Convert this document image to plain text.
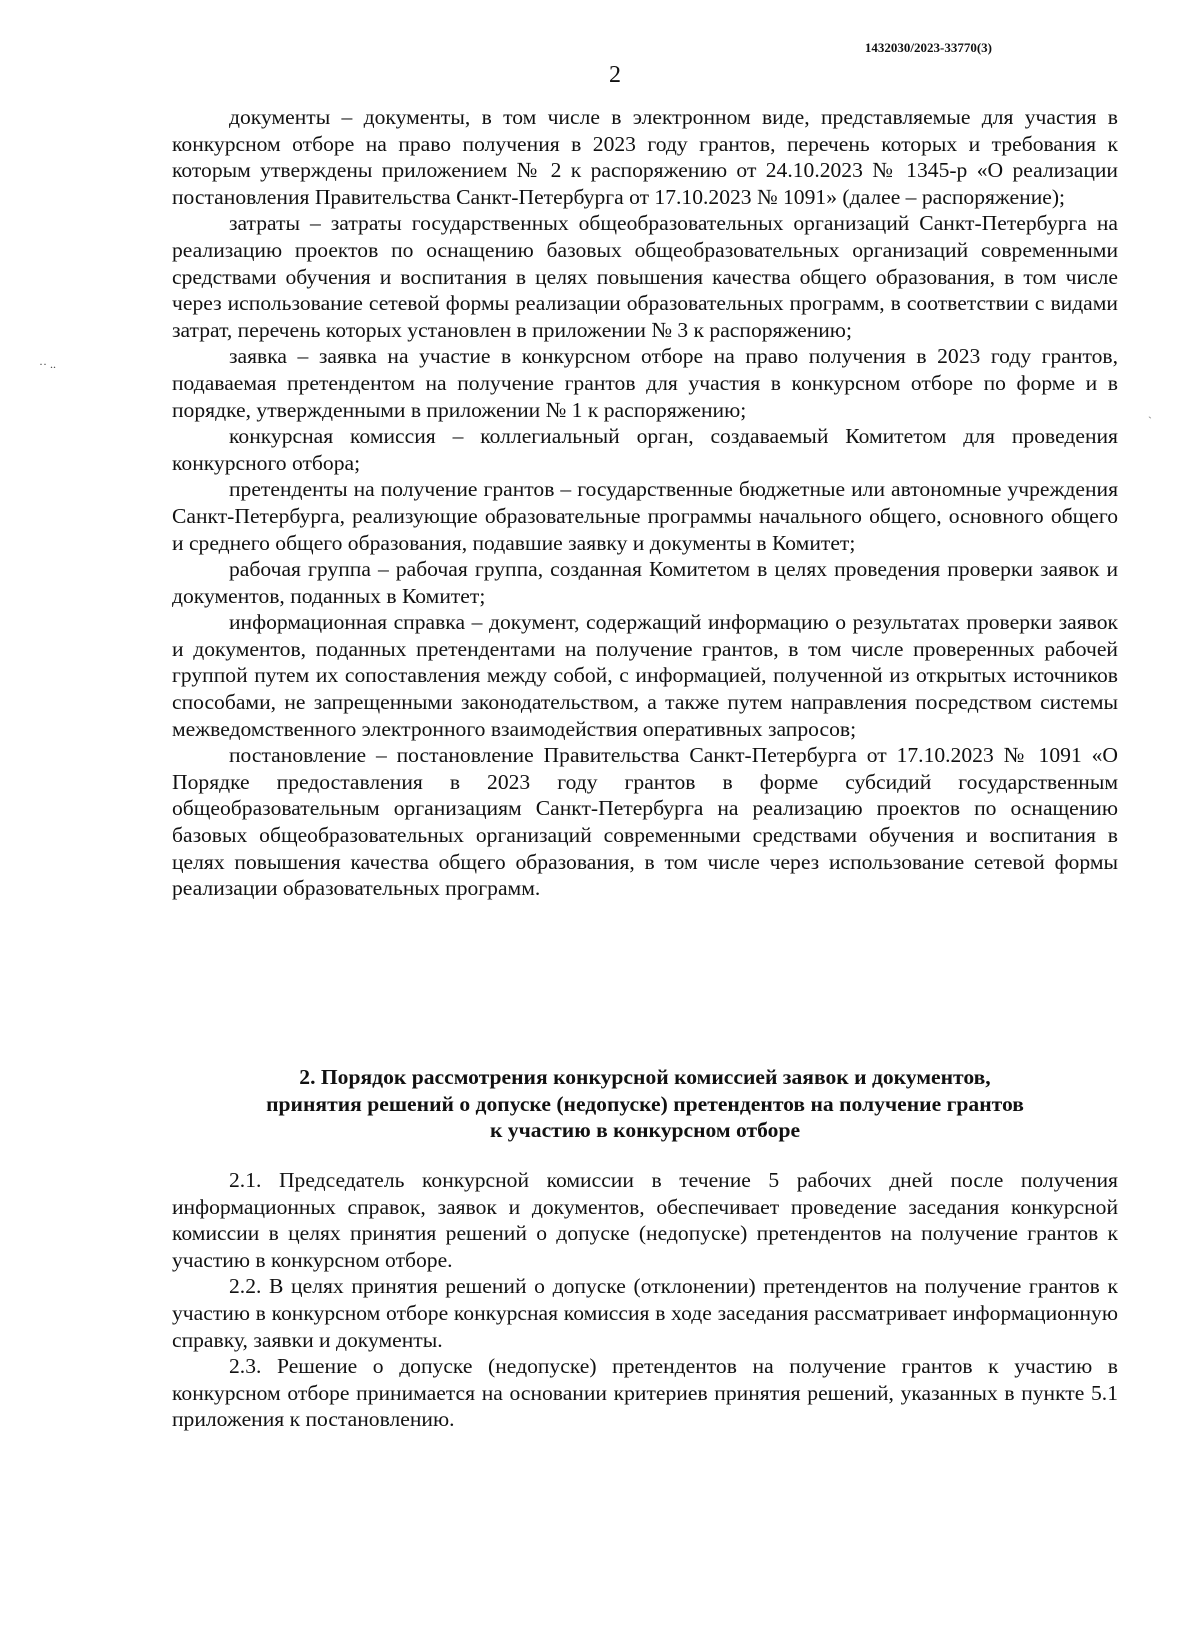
1432030/2023-33770(3)
2
·· ..
ˏ

документы – документы, в том числе в электронном виде, представляемые для участия в конкурсном отборе на право получения в 2023 году грантов, перечень которых и требования к которым утверждены приложением № 2 к распоряжению от 24.10.2023 № 1345-р «О реализации постановления Правительства Санкт-Петербурга от 17.10.2023 № 1091» (далее – распоряжение);

затраты – затраты государственных общеобразовательных организаций Санкт-Петербурга на реализацию проектов по оснащению базовых общеобразовательных организаций современными средствами обучения и воспитания в целях повышения качества общего образования, в том числе через использование сетевой формы реализации образовательных программ, в соответствии с видами затрат, перечень которых установлен в приложении № 3 к распоряжению;

заявка – заявка на участие в конкурсном отборе на право получения в 2023 году грантов, подаваемая претендентом на получение грантов для участия в конкурсном отборе по форме и в порядке, утвержденными в приложении № 1 к распоряжению;

конкурсная комиссия – коллегиальный орган, создаваемый Комитетом для проведения конкурсного отбора;

претенденты на получение грантов – государственные бюджетные или автономные учреждения Санкт-Петербурга, реализующие образовательные программы начального общего, основного общего и среднего общего образования, подавшие заявку и документы в Комитет;

рабочая группа – рабочая группа, созданная Комитетом в целях проведения проверки заявок и документов, поданных в Комитет;

информационная справка – документ, содержащий информацию о результатах проверки заявок и документов, поданных претендентами на получение грантов, в том числе проверенных рабочей группой путем их сопоставления между собой, с информацией, полученной из открытых источников способами, не запрещенными законодательством, а также путем направления посредством системы межведомственного электронного взаимодействия оперативных запросов;

постановление – постановление Правительства Санкт-Петербурга от 17.10.2023 № 1091 «О Порядке предоставления в 2023 году грантов в форме субсидий государственным общеобразовательным организациям Санкт-Петербурга на реализацию проектов по оснащению базовых общеобразовательных организаций современными средствами обучения и воспитания в целях повышения качества общего образования, в том числе через использование сетевой формы реализации образовательных программ.

2. Порядок рассмотрения конкурсной комиссией заявок и документов,
принятия решений о допуске (недопуске) претендентов на получение грантов
к участию в конкурсном отборе

2.1. Председатель конкурсной комиссии в течение 5 рабочих дней после получения информационных справок, заявок и документов, обеспечивает проведение заседания конкурсной комиссии в целях принятия решений о допуске (недопуске) претендентов на получение грантов к участию в конкурсном отборе.

2.2. В целях принятия решений о допуске (отклонении) претендентов на получение грантов к участию в конкурсном отборе конкурсная комиссия в ходе заседания рассматривает информационную справку, заявки и документы.

2.3. Решение о допуске (недопуске) претендентов на получение грантов к участию в конкурсном отборе принимается на основании критериев принятия решений, указанных в пункте 5.1 приложения к постановлению.
